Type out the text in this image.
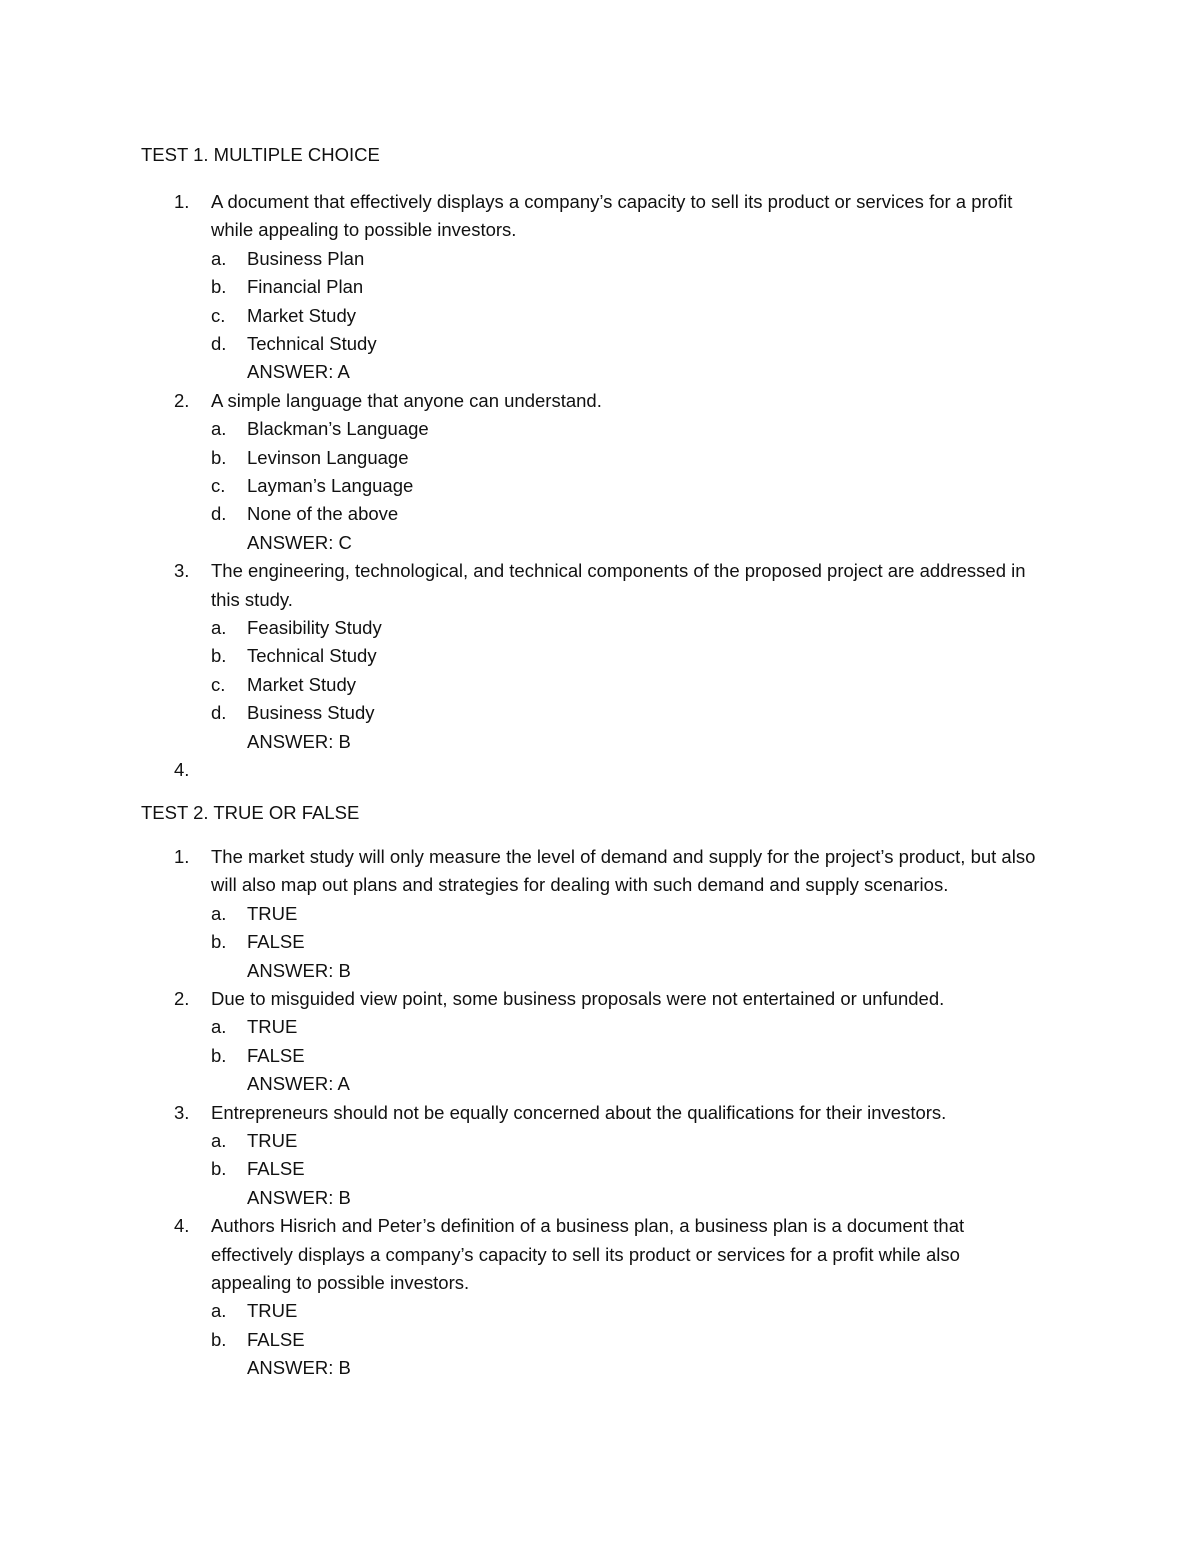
TEST 1. MULTIPLE CHOICE
1. A document that effectively displays a company’s capacity to sell its product or services for a profit while appealing to possible investors.
a. Business Plan
b. Financial Plan
c. Market Study
d. Technical Study
ANSWER: A
2. A simple language that anyone can understand.
a. Blackman’s Language
b. Levinson Language
c. Layman’s Language
d. None of the above
ANSWER: C
3. The engineering, technological, and technical components of the proposed project are addressed in this study.
a. Feasibility Study
b. Technical Study
c. Market Study
d. Business Study
ANSWER: B
4.
TEST 2. TRUE OR FALSE
1. The market study will only measure the level of demand and supply for the project’s product, but also will also map out plans and strategies for dealing with such demand and supply scenarios.
a. TRUE
b. FALSE
ANSWER: B
2. Due to misguided view point, some business proposals were not entertained or unfunded.
a. TRUE
b. FALSE
ANSWER: A
3. Entrepreneurs should not be equally concerned about the qualifications for their investors.
a. TRUE
b. FALSE
ANSWER: B
4. Authors Hisrich and Peter’s definition of a business plan, a business plan is a document that effectively displays a company’s capacity to sell its product or services for a profit while also appealing to possible investors.
a. TRUE
b. FALSE
ANSWER: B
